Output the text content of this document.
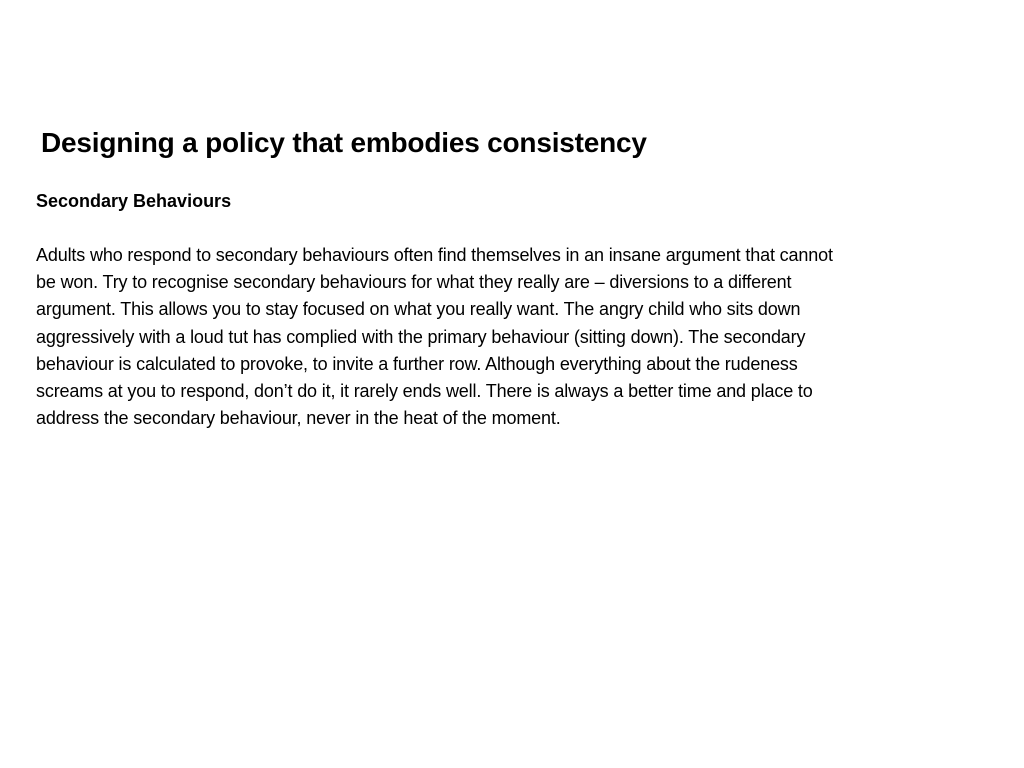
Designing a policy that embodies consistency
Secondary Behaviours

Adults who respond to secondary behaviours often find themselves in an insane argument that cannot
be won. Try to recognise secondary behaviours for what they really are – diversions to a different
argument. This allows you to stay focused on what you really want. The angry child who sits down
aggressively with a loud tut has complied with the primary behaviour (sitting down). The secondary
behaviour is calculated to provoke, to invite a further row. Although everything about the rudeness
screams at you to respond, don’t do it, it rarely ends well. There is always a better time and place to
address the secondary behaviour, never in the heat of the moment.
